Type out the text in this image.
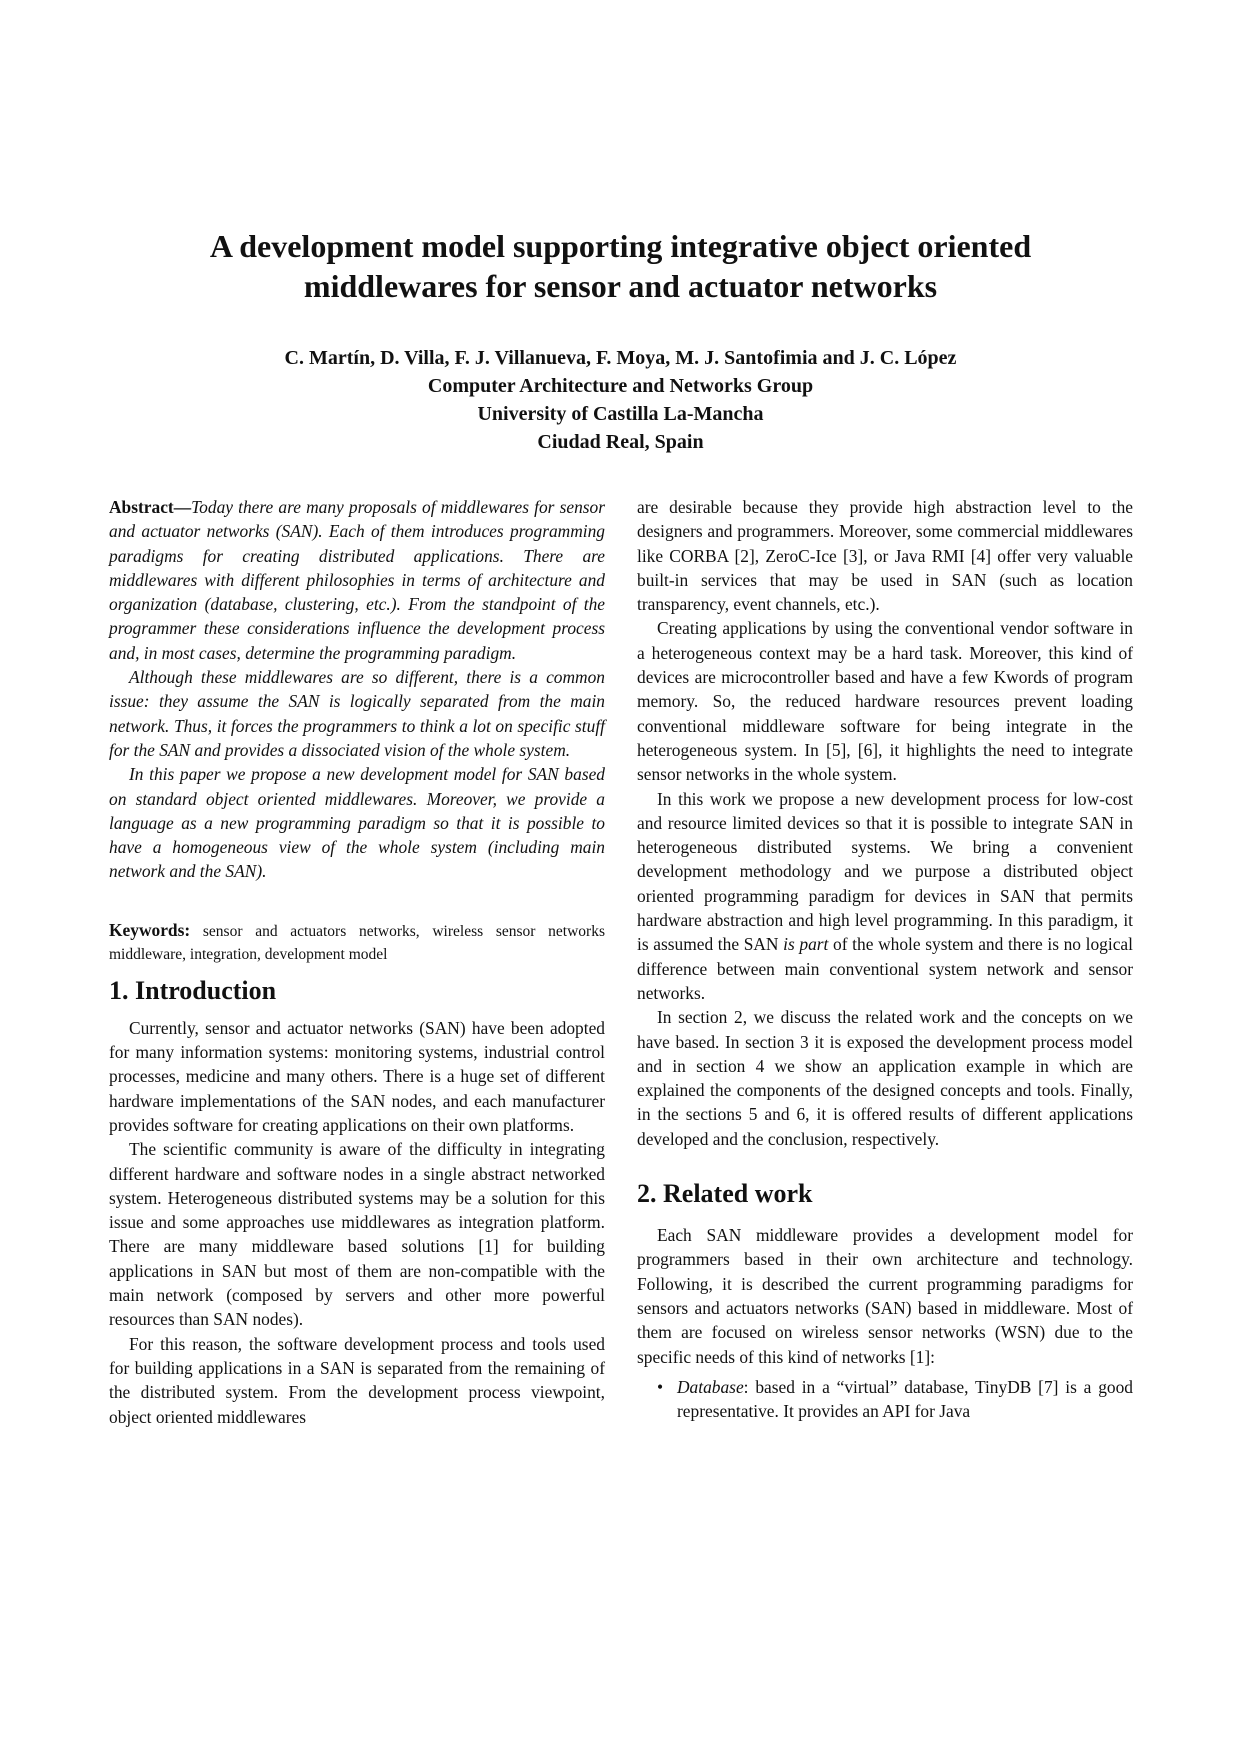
A development model supporting integrative object oriented
middlewares for sensor and actuator networks
C. Martín, D. Villa, F. J. Villanueva, F. Moya, M. J. Santofimia and J. C. López
Computer Architecture and Networks Group
University of Castilla La-Mancha
Ciudad Real, Spain

Abstract—Today there are many proposals of middlewares for sensor and actuator networks (SAN). Each of them introduces programming paradigms for creating distributed applications. There are middlewares with different philosophies in terms of architecture and organization (database, clustering, etc.). From the standpoint of the programmer these considerations influence the development process and, in most cases, determine the programming paradigm.

Although these middlewares are so different, there is a common issue: they assume the SAN is logically separated from the main network. Thus, it forces the programmers to think a lot on specific stuff for the SAN and provides a dissociated vision of the whole system.

In this paper we propose a new development model for SAN based on standard object oriented middlewares. Moreover, we provide a language as a new programming paradigm so that it is possible to have a homogeneous view of the whole system (including main network and the SAN).

Keywords: sensor and actuators networks, wireless sensor networks middleware, integration, development model

1. Introduction

Currently, sensor and actuator networks (SAN) have been adopted for many information systems: monitoring systems, industrial control processes, medicine and many others. There is a huge set of different hardware implementations of the SAN nodes, and each manufacturer provides software for creating applications on their own platforms.

The scientific community is aware of the difficulty in integrating different hardware and software nodes in a single abstract networked system. Heterogeneous distributed systems may be a solution for this issue and some approaches use middlewares as integration platform. There are many middleware based solutions [1] for building applications in SAN but most of them are non-compatible with the main network (composed by servers and other more powerful resources than SAN nodes).

For this reason, the software development process and tools used for building applications in a SAN is separated from the remaining of the distributed system. From the development process viewpoint, object oriented middlewares

are desirable because they provide high abstraction level to the designers and programmers. Moreover, some commercial middlewares like CORBA [2], ZeroC-Ice [3], or Java RMI [4] offer very valuable built-in services that may be used in SAN (such as location transparency, event channels, etc.).

Creating applications by using the conventional vendor software in a heterogeneous context may be a hard task. Moreover, this kind of devices are microcontroller based and have a few Kwords of program memory. So, the reduced hardware resources prevent loading conventional middleware software for being integrate in the heterogeneous system. In [5], [6], it highlights the need to integrate sensor networks in the whole system.

In this work we propose a new development process for low-cost and resource limited devices so that it is possible to integrate SAN in heterogeneous distributed systems. We bring a convenient development methodology and we purpose a distributed object oriented programming paradigm for devices in SAN that permits hardware abstraction and high level programming. In this paradigm, it is assumed the SAN is part of the whole system and there is no logical difference between main conventional system network and sensor networks.

In section 2, we discuss the related work and the concepts on we have based. In section 3 it is exposed the development process model and in section 4 we show an application example in which are explained the components of the designed concepts and tools. Finally, in the sections 5 and 6, it is offered results of different applications developed and the conclusion, respectively.

2. Related work

Each SAN middleware provides a development model for programmers based in their own architecture and technology. Following, it is described the current programming paradigms for sensors and actuators networks (SAN) based in middleware. Most of them are focused on wireless sensor networks (WSN) due to the specific needs of this kind of networks [1]:

• Database: based in a “virtual” database, TinyDB [7] is a good representative. It provides an API for Java
